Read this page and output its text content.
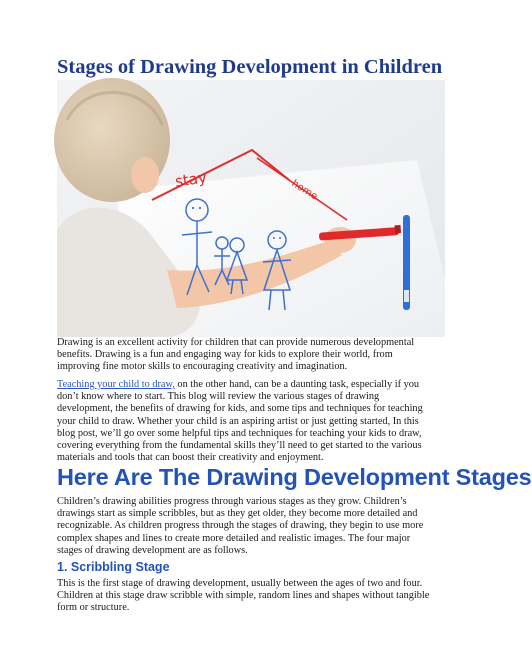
Stages of Drawing Development in Children
stay	home

Drawing is an excellent activity for children that can provide numerous developmental benefits. Drawing is a fun and engaging way for kids to explore their world, from improving fine motor skills to encouraging creativity and imagination.

Teaching your child to draw, on the other hand, can be a daunting task, especially if you don’t know where to start. This blog will review the various stages of drawing development, the benefits of drawing for kids, and some tips and techniques for teaching your child to draw. Whether your child is an aspiring artist or just getting started, In this blog post, we’ll go over some helpful tips and techniques for teaching your kids to draw, covering everything from the fundamental skills they’ll need to get started to the various materials and tools that can boost their creativity and enjoyment.

Here Are The Drawing Development Stages

Children’s drawing abilities progress through various stages as they grow. Children’s drawings start as simple scribbles, but as they get older, they become more detailed and recognizable. As children progress through the stages of drawing, they begin to use more complex shapes and lines to create more detailed and realistic images. The four major stages of drawing development are as follows.

1. Scribbling Stage

This is the first stage of drawing development, usually between the ages of two and four. Children at this stage draw scribble with simple, random lines and shapes without tangible form or structure.
